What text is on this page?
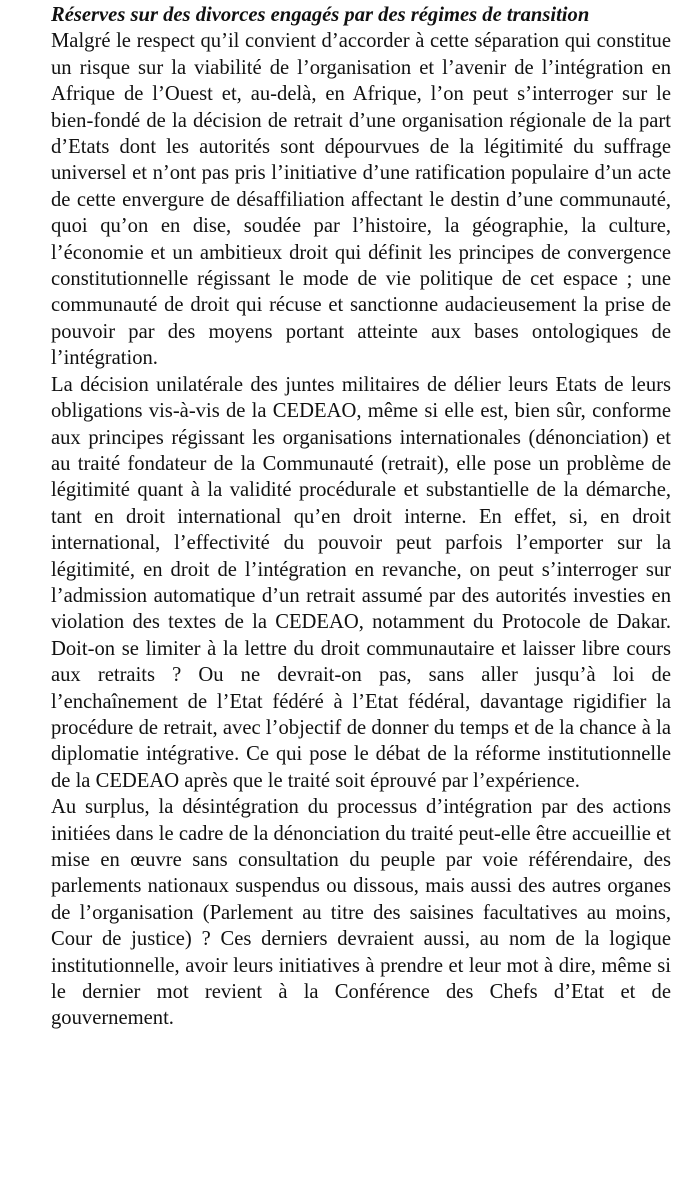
Réserves sur des divorces engagés par des régimes de transition

Malgré le respect qu’il convient d’accorder à cette séparation qui constitue un risque sur la viabilité de l’organisation et l’avenir de l’intégration en Afrique de l’Ouest et, au-delà, en Afrique, l’on peut s’interroger sur le bien-fondé de la décision de retrait d’une organisation régionale de la part d’Etats dont les autorités sont dépourvues de la légitimité du suffrage universel et n’ont pas pris l’initiative d’une ratification populaire d’un acte de cette envergure de désaffiliation affectant le destin d’une communauté, quoi qu’on en dise, soudée par l’histoire, la géographie, la culture, l’économie et un ambitieux droit qui définit les principes de convergence constitutionnelle régissant le mode de vie politique de cet espace ; une communauté de droit qui récuse et sanctionne audacieusement la prise de pouvoir par des moyens portant atteinte aux bases ontologiques de l’intégration.

La décision unilatérale des juntes militaires de délier leurs Etats de leurs obligations vis-à-vis de la CEDEAO, même si elle est, bien sûr, conforme aux principes régissant les organisations internationales (dénonciation) et au traité fondateur de la Communauté (retrait), elle pose un problème de légitimité quant à la validité procédurale et substantielle de la démarche, tant en droit international qu’en droit interne. En effet, si, en droit international, l’effectivité du pouvoir peut parfois l’emporter sur la légitimité, en droit de l’intégration en revanche, on peut s’interroger sur l’admission automatique d’un retrait assumé par des autorités investies en violation des textes de la CEDEAO, notamment du Protocole de Dakar. Doit-on se limiter à la lettre du droit communautaire et laisser libre cours aux retraits ? Ou ne devrait-on pas, sans aller jusqu’à loi de l’enchaînement de l’Etat fédéré à l’Etat fédéral, davantage rigidifier la procédure de retrait, avec l’objectif de donner du temps et de la chance à la diplomatie intégrative. Ce qui pose le débat de la réforme institutionnelle de la CEDEAO après que le traité soit éprouvé par l’expérience.

Au surplus, la désintégration du processus d’intégration par des actions initiées dans le cadre de la dénonciation du traité peut-elle être accueillie et mise en œuvre sans consultation du peuple par voie référendaire, des parlements nationaux suspendus ou dissous, mais aussi des autres organes de l’organisation (Parlement au titre des saisines facultatives au moins, Cour de justice) ? Ces derniers devraient aussi, au nom de la logique institutionnelle, avoir leurs initiatives à prendre et leur mot à dire, même si le dernier mot revient à la Conférence des Chefs d’Etat et de gouvernement.
